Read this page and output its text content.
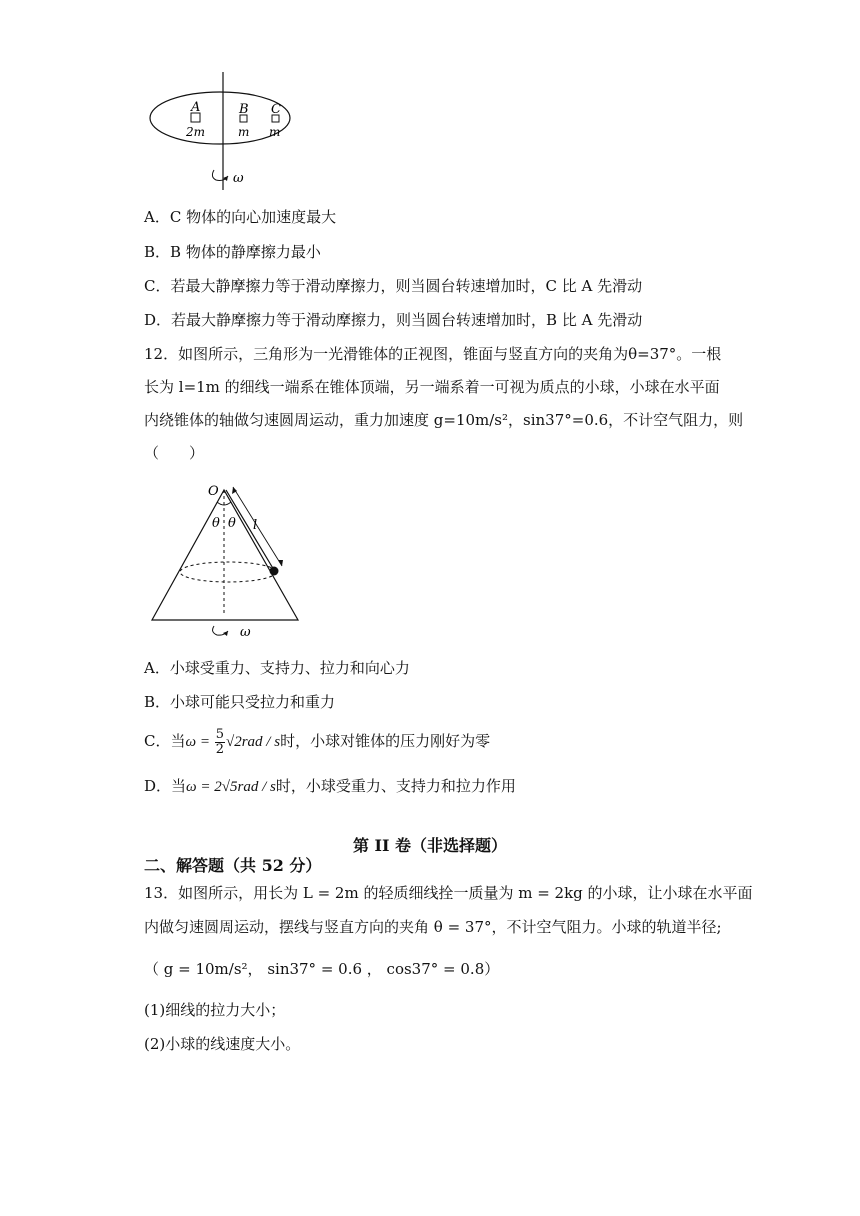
A	B C
2m	m m
ω
A．C 物体的向心加速度最大
B．B 物体的静摩擦力最小
C．若最大静摩擦力等于滑动摩擦力，则当圆台转速增加时，C 比 A 先滑动
D．若最大静摩擦力等于滑动摩擦力，则当圆台转速增加时，B 比 A 先滑动
12．如图所示，三角形为一光滑锥体的正视图，锥面与竖直方向的夹角为θ=37°。一根
长为 l=1m 的细线一端系在锥体顶端，另一端系着一可视为质点的小球，小球在水平面
内绕锥体的轴做匀速圆周运动，重力加速度 g=10m/s²，sin37°=0.6，不计空气阻力，则
（　　）
O
θ θ l
ω
A．小球受重力、支持力、拉力和向心力
B．小球可能只受拉力和重力
C．当$\omega = \frac{5}{2} √2rad / s$时，小球对锥体的压力刚好为零
D．当ω = 2√5rad / s时，小球受重力、支持力和拉力作用
第 II 卷（非选择题）
二、解答题（共 52 分）
13．如图所示，用长为 L = 2m 的轻质细线拴一质量为 m = 2kg 的小球，让小球在水平面
内做匀速圆周运动，摆线与竖直方向的夹角 θ = 37°，不计空气阻力。小球的轨道半径;
（ g = 10m/s²， sin37° = 0.6 ， cos37° = 0.8）
(1)细线的拉力大小；
(2)小球的线速度大小。
